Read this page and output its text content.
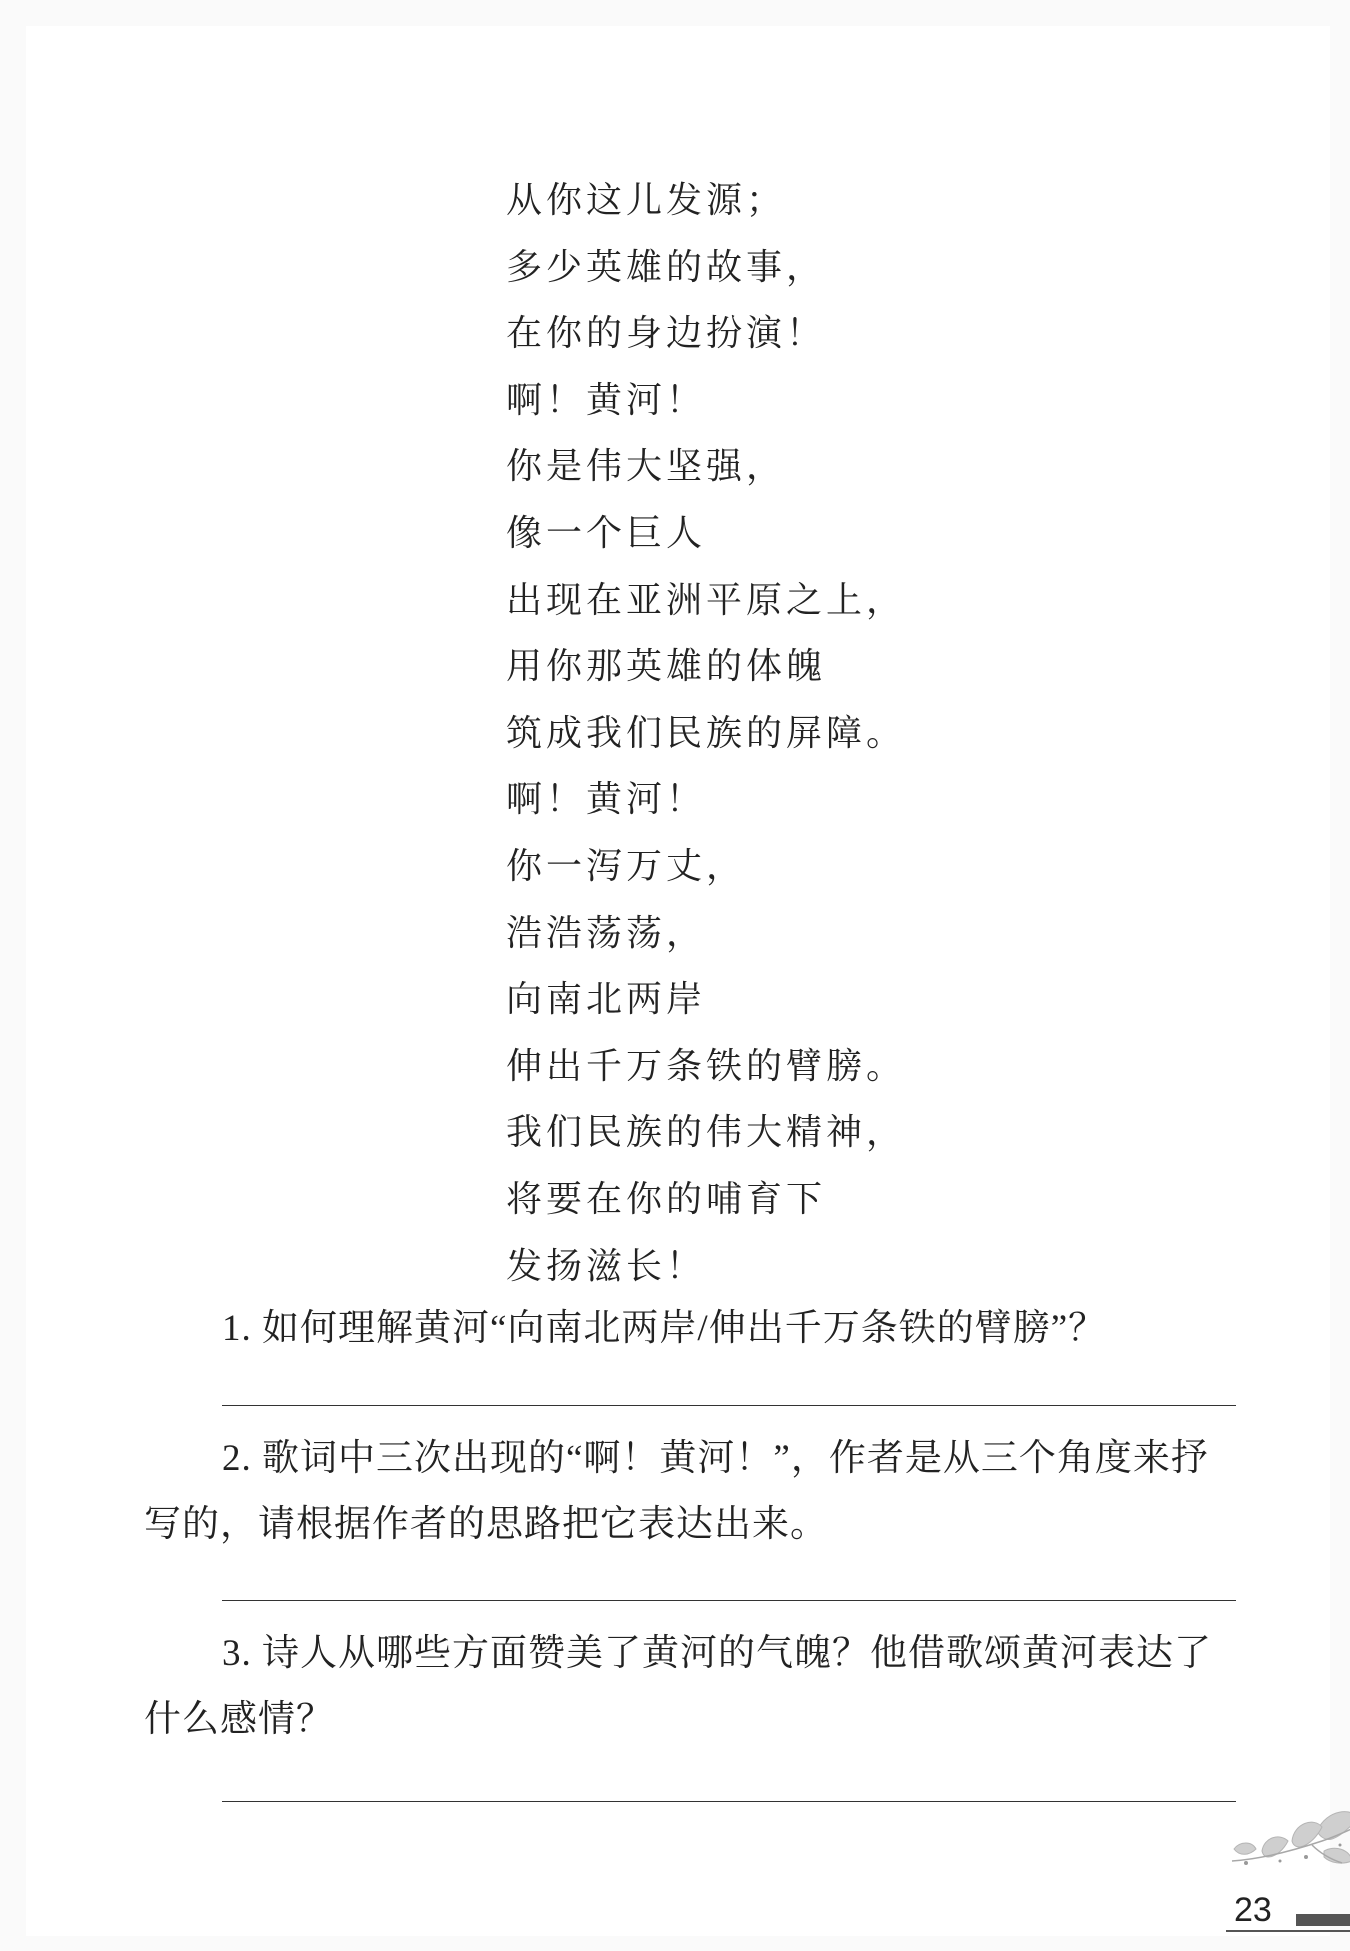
从你这儿发源；
多少英雄的故事，
在你的身边扮演！
啊！黄河！
你是伟大坚强，
像一个巨人
出现在亚洲平原之上，
用你那英雄的体魄
筑成我们民族的屏障。
啊！黄河！
你一泻万丈，
浩浩荡荡，
向南北两岸
伸出千万条铁的臂膀。
我们民族的伟大精神，
将要在你的哺育下
发扬滋长！

1. 如何理解黄河“向南北两岸/伸出千万条铁的臂膀”？

2. 歌词中三次出现的“啊！黄河！”，作者是从三个角度来抒写的，请根据作者的思路把它表达出来。

3. 诗人从哪些方面赞美了黄河的气魄？他借歌颂黄河表达了什么感情？

23
